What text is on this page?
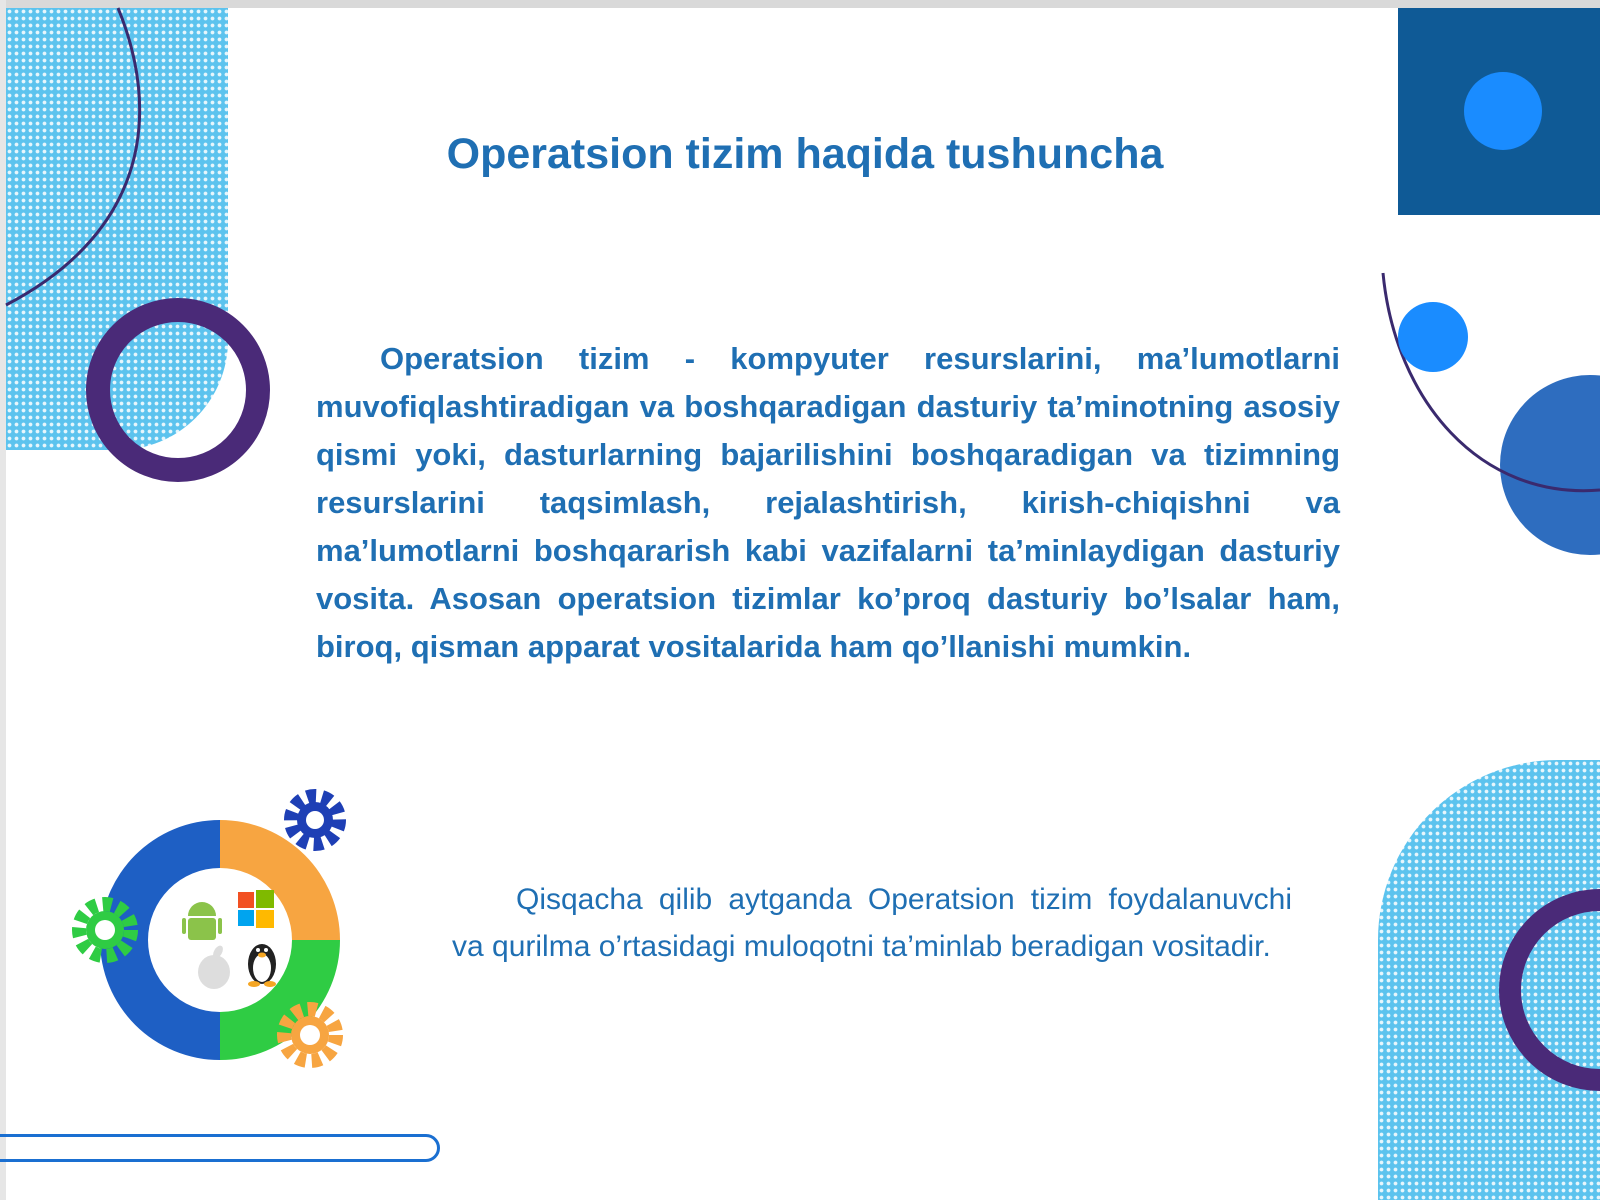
Operatsion tizim haqida tushuncha

Operatsion tizim - kompyuter resurslarini, ma’lumotlarni muvofiqlashtiradigan va boshqaradigan dasturiy ta’minotning asosiy qismi yoki, dasturlarning bajarilishini boshqaradigan va tizimning resurslarini taqsimlash, rejalashtirish, kirish-chiqishni va ma’lumotlarni boshqararish kabi vazifalarni ta’minlaydigan dasturiy vosita. Asosan operatsion tizimlar ko’proq dasturiy bo’lsalar ham, biroq, qisman apparat vositalarida ham qo’llanishi mumkin.

Qisqacha qilib aytganda Operatsion tizim foydalanuvchi va qurilma o’rtasidagi muloqotni ta’minlab beradigan vositadir.
